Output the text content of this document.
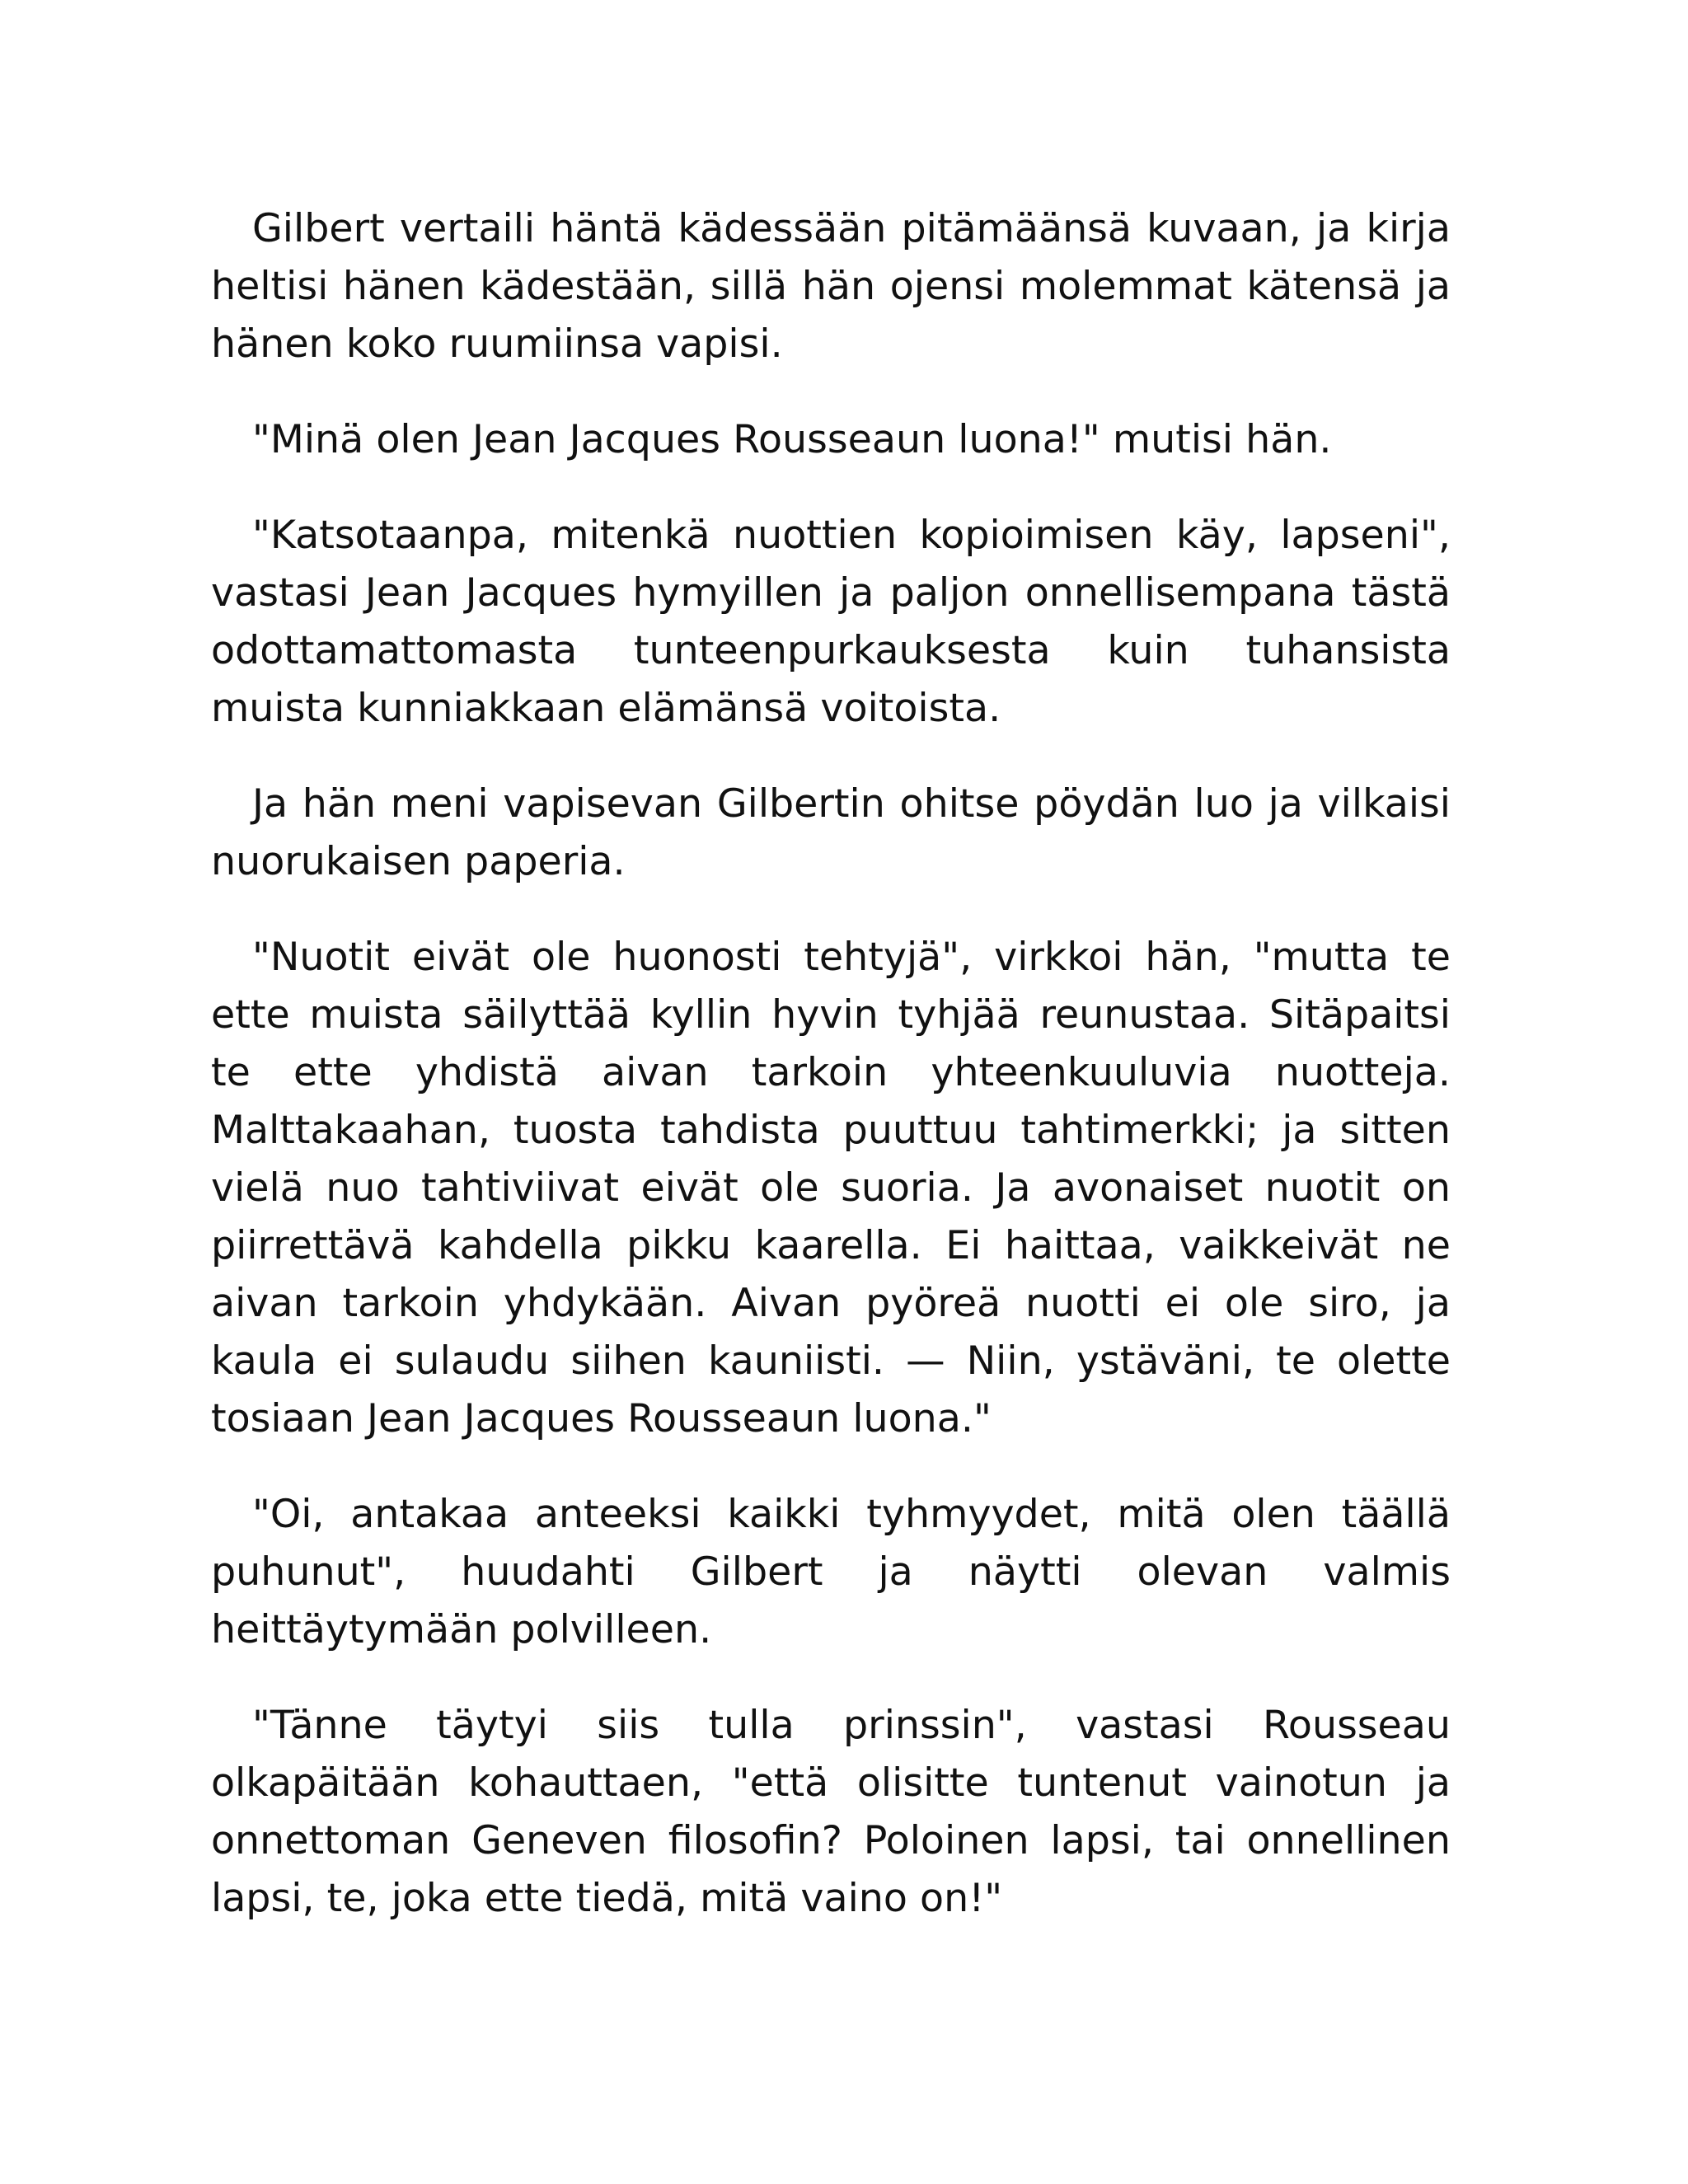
Gilbert vertaili häntä kädessään pitämäänsä kuvaan, ja kirja heltisi hänen kädestään, sillä hän ojensi molemmat kätensä ja hänen koko ruumiinsa vapisi.

"Minä olen Jean Jacques Rousseaun luona!" mutisi hän.

"Katsotaanpa, mitenkä nuottien kopioimisen käy, lapseni", vastasi Jean Jacques hymyillen ja paljon onnellisempana tästä odottamattomasta tunteenpurkauksesta kuin tuhansista muista kunniakkaan elämänsä voitoista.

Ja hän meni vapisevan Gilbertin ohitse pöydän luo ja vilkaisi nuorukaisen paperia.

"Nuotit eivät ole huonosti tehtyjä", virkkoi hän, "mutta te ette muista säilyttää kyllin hyvin tyhjää reunustaa. Sitäpaitsi te ette yhdistä aivan tarkoin yhteenkuuluvia nuotteja. Malttakaahan, tuosta tahdista puuttuu tahtimerkki; ja sitten vielä nuo tahtiviivat eivät ole suoria. Ja avonaiset nuotit on piirrettävä kahdella pikku kaarella. Ei haittaa, vaikkeivät ne aivan tarkoin yhdykään. Aivan pyöreä nuotti ei ole siro, ja kaula ei sulaudu siihen kauniisti. — Niin, ystäväni, te olette tosiaan Jean Jacques Rousseaun luona."

"Oi, antakaa anteeksi kaikki tyhmyydet, mitä olen täällä puhunut", huudahti Gilbert ja näytti olevan valmis heittäytymään polvilleen.

"Tänne täytyi siis tulla prinssin", vastasi Rousseau olkapäitään kohauttaen, "että olisitte tuntenut vainotun ja onnettoman Geneven filosofin? Poloinen lapsi, tai onnellinen lapsi, te, joka ette tiedä, mitä vaino on!"
